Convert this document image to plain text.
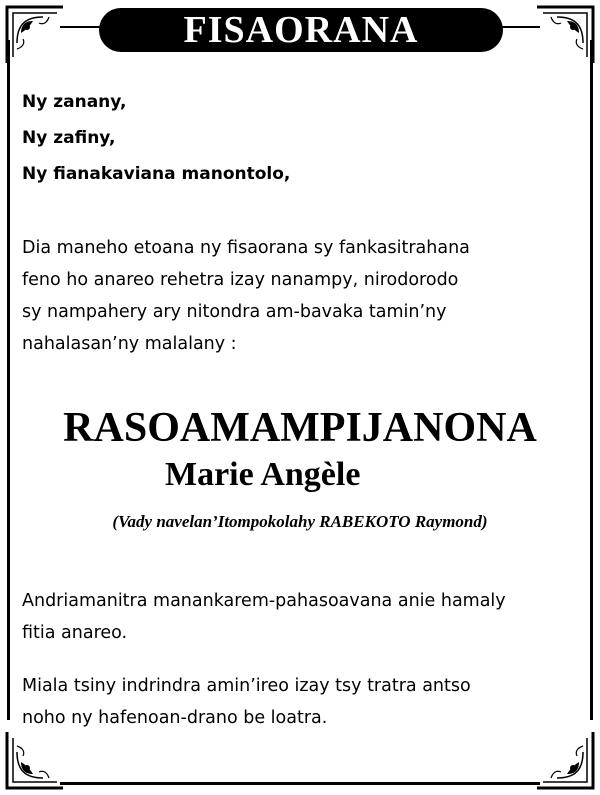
FISAORANA
Ny zanany,
Ny zafiny,
Ny fianakaviana manontolo,
Dia maneho etoana ny fisaorana sy fankasitrahana
feno ho anareo rehetra izay nanampy, nirodorodo
sy nampahery ary nitondra am-bavaka tamin’ny
nahalasan’ny malalany :
RASOAMAMPIJANONA
Marie Angèle
(Vady navelan’Itompokolahy RABEKOTO Raymond)
Andriamanitra manankarem-pahasoavana anie hamaly
fitia anareo.
Miala tsiny indrindra amin’ireo izay tsy tratra antso
noho ny hafenoan-drano be loatra.
